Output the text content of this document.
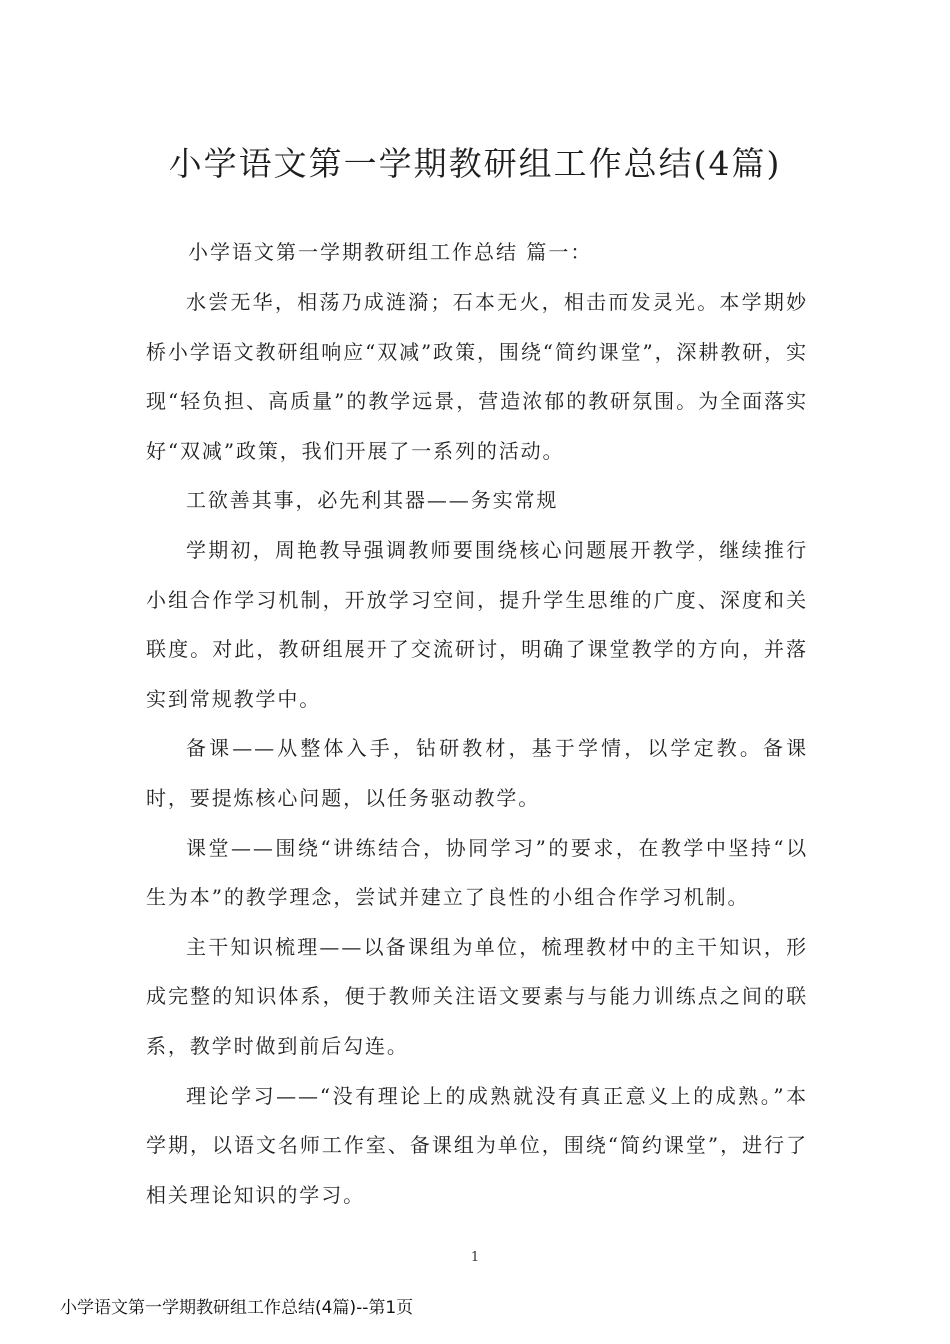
小学语文第一学期教研组工作总结(4篇)
小学语文第一学期教研组工作总结 篇一：

水尝无华，相荡乃成涟漪；石本无火，相击而发灵光。本学期妙桥小学语文教研组响应“双减”政策，围绕“简约课堂”，深耕教研，实现“轻负担、高质量”的教学远景，营造浓郁的教研氛围。为全面落实好“双减”政策，我们开展了一系列的活动。

工欲善其事，必先利其器——务实常规

学期初，周艳教导强调教师要围绕核心问题展开教学，继续推行小组合作学习机制，开放学习空间，提升学生思维的广度、深度和关联度。对此，教研组展开了交流研讨，明确了课堂教学的方向，并落实到常规教学中。

备课——从整体入手，钻研教材，基于学情，以学定教。备课时，要提炼核心问题，以任务驱动教学。

课堂——围绕“讲练结合，协同学习”的要求，在教学中坚持“以生为本”的教学理念，尝试并建立了良性的小组合作学习机制。

主干知识梳理——以备课组为单位，梳理教材中的主干知识，形成完整的知识体系，便于教师关注语文要素与与能力训练点之间的联系，教学时做到前后勾连。

理论学习——“没有理论上的成熟就没有真正意义上的成熟。”本学期，以语文名师工作室、备课组为单位，围绕“简约课堂”，进行了相关理论知识的学习。

1
小学语文第一学期教研组工作总结(4篇)--第1页
